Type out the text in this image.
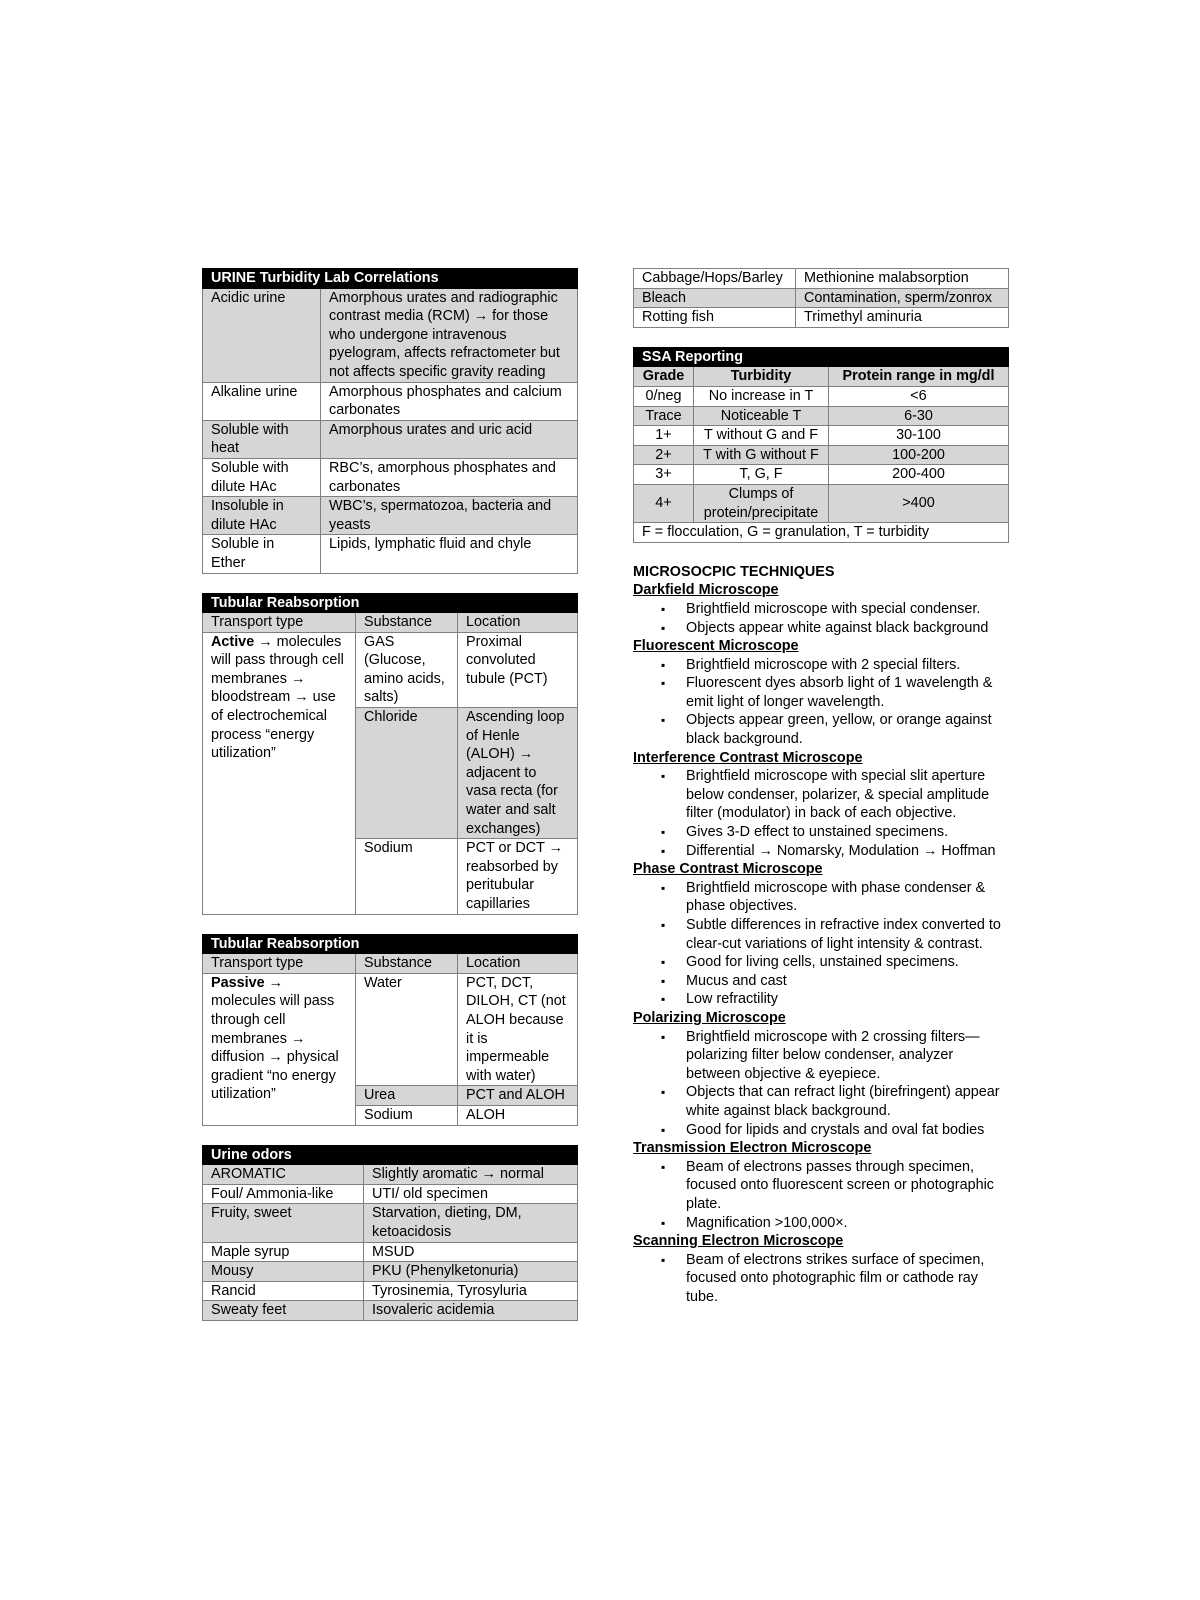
URINE Turbidity Lab Correlations	
Acidic urine	Amorphous urates and radiographic contrast media (RCM) → for those who undergone intravenous pyelogram, affects refractometer but not affects specific gravity reading
Alkaline urine	Amorphous phosphates and calcium carbonates
Soluble with heat	Amorphous urates and uric acid
Soluble with dilute HAc	RBC’s, amorphous phosphates and carbonates
Insoluble in dilute HAc	WBC’s, spermatozoa, bacteria and yeasts
Soluble in Ether	Lipids, lymphatic fluid and chyle
Tubular Reabsorption		
Transport type	Substance	Location
Active → molecules will pass through cell membranes → bloodstream → use of electrochemical process “energy utilization”	GAS (Glucose, amino acids, salts)	Proximal convoluted tubule (PCT)
	Chloride	Ascending loop of Henle (ALOH) → adjacent to vasa recta (for water and salt exchanges)
	Sodium	PCT or DCT → reabsorbed by peritubular capillaries
Tubular Reabsorption		
Transport type	Substance	Location
Passive → molecules will pass through cell membranes → diffusion → physical gradient “no energy utilization”	Water	PCT, DCT, DILOH, CT (not ALOH because it is impermeable with water)
	Urea	PCT and ALOH
	Sodium	ALOH
Urine odors	
AROMATIC	Slightly aromatic → normal
Foul/ Ammonia-like	UTI/ old specimen
Fruity, sweet	Starvation, dieting, DM, ketoacidosis
Maple syrup	MSUD
Mousy	PKU (Phenylketonuria)
Rancid	Tyrosinemia, Tyrosyluria
Sweaty feet	Isovaleric acidemia
Cabbage/Hops/Barley	Methionine malabsorption
Bleach	Contamination, sperm/zonrox
Rotting fish	Trimethyl aminuria
SSA Reporting		
Grade	Turbidity	Protein range in mg/dl
0/neg	No increase in T	<6
Trace	Noticeable T	6-30
1+	T without G and F	30-100
2+	T with G without F	100-200
3+	T, G, F	200-400
4+	Clumps of protein/precipitate	>400
F = flocculation, G = granulation, T = turbidity		
MICROSOCPIC TECHNIQUES
Darkfield Microscope
▪ Brightfield microscope with special condenser.
▪ Objects appear white against black background
Fluorescent Microscope
▪ Brightfield microscope with 2 special filters.
▪ Fluorescent dyes absorb light of 1 wavelength & emit light of longer wavelength.
▪ Objects appear green, yellow, or orange against black background.
Interference Contrast Microscope
▪ Brightfield microscope with special slit aperture below condenser, polarizer, & special amplitude filter (modulator) in back of each objective.
▪ Gives 3-D effect to unstained specimens.
▪ Differential → Nomarsky, Modulation → Hoffman
Phase Contrast Microscope
▪ Brightfield microscope with phase condenser & phase objectives.
▪ Subtle differences in refractive index converted to clear-cut variations of light intensity & contrast.
▪ Good for living cells, unstained specimens.
▪ Mucus and cast
▪ Low refractility
Polarizing Microscope
▪ Brightfield microscope with 2 crossing filters—polarizing filter below condenser, analyzer between objective & eyepiece.
▪ Objects that can refract light (birefringent) appear white against black background.
▪ Good for lipids and crystals and oval fat bodies
Transmission Electron Microscope
▪ Beam of electrons passes through specimen, focused onto fluorescent screen or photographic plate.
▪ Magnification >100,000×.
Scanning Electron Microscope
▪ Beam of electrons strikes surface of specimen, focused onto photographic film or cathode ray tube.
